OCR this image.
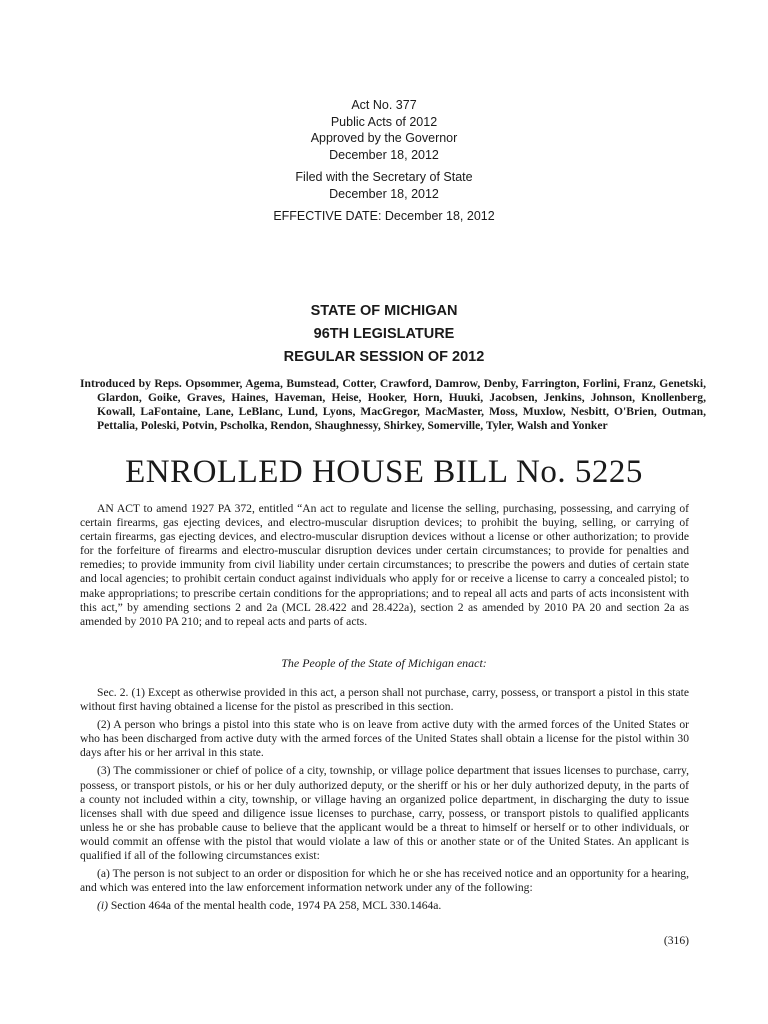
Act No. 377
Public Acts of 2012
Approved by the Governor
December 18, 2012
Filed with the Secretary of State
December 18, 2012
EFFECTIVE DATE: December 18, 2012
STATE OF MICHIGAN
96TH LEGISLATURE
REGULAR SESSION OF 2012
Introduced by Reps. Opsommer, Agema, Bumstead, Cotter, Crawford, Damrow, Denby, Farrington, Forlini, Franz, Genetski, Glardon, Goike, Graves, Haines, Haveman, Heise, Hooker, Horn, Huuki, Jacobsen, Jenkins, Johnson, Knollenberg, Kowall, LaFontaine, Lane, LeBlanc, Lund, Lyons, MacGregor, MacMaster, Moss, Muxlow, Nesbitt, O'Brien, Outman, Pettalia, Poleski, Potvin, Pscholka, Rendon, Shaughnessy, Shirkey, Somerville, Tyler, Walsh and Yonker
ENROLLED HOUSE BILL No. 5225
AN ACT to amend 1927 PA 372, entitled “An act to regulate and license the selling, purchasing, possessing, and carrying of certain firearms, gas ejecting devices, and electro-muscular disruption devices; to prohibit the buying, selling, or carrying of certain firearms, gas ejecting devices, and electro-muscular disruption devices without a license or other authorization; to provide for the forfeiture of firearms and electro-muscular disruption devices under certain circumstances; to provide for penalties and remedies; to provide immunity from civil liability under certain circumstances; to prescribe the powers and duties of certain state and local agencies; to prohibit certain conduct against individuals who apply for or receive a license to carry a concealed pistol; to make appropriations; to prescribe certain conditions for the appropriations; and to repeal all acts and parts of acts inconsistent with this act,” by amending sections 2 and 2a (MCL 28.422 and 28.422a), section 2 as amended by 2010 PA 20 and section 2a as amended by 2010 PA 210; and to repeal acts and parts of acts.
The People of the State of Michigan enact:

Sec. 2. (1) Except as otherwise provided in this act, a person shall not purchase, carry, possess, or transport a pistol in this state without first having obtained a license for the pistol as prescribed in this section.

(2) A person who brings a pistol into this state who is on leave from active duty with the armed forces of the United States or who has been discharged from active duty with the armed forces of the United States shall obtain a license for the pistol within 30 days after his or her arrival in this state.

(3) The commissioner or chief of police of a city, township, or village police department that issues licenses to purchase, carry, possess, or transport pistols, or his or her duly authorized deputy, or the sheriff or his or her duly authorized deputy, in the parts of a county not included within a city, township, or village having an organized police department, in discharging the duty to issue licenses shall with due speed and diligence issue licenses to purchase, carry, possess, or transport pistols to qualified applicants unless he or she has probable cause to believe that the applicant would be a threat to himself or herself or to other individuals, or would commit an offense with the pistol that would violate a law of this or another state or of the United States. An applicant is qualified if all of the following circumstances exist:

(a) The person is not subject to an order or disposition for which he or she has received notice and an opportunity for a hearing, and which was entered into the law enforcement information network under any of the following:

(i) Section 464a of the mental health code, 1974 PA 258, MCL 330.1464a.

(316)
